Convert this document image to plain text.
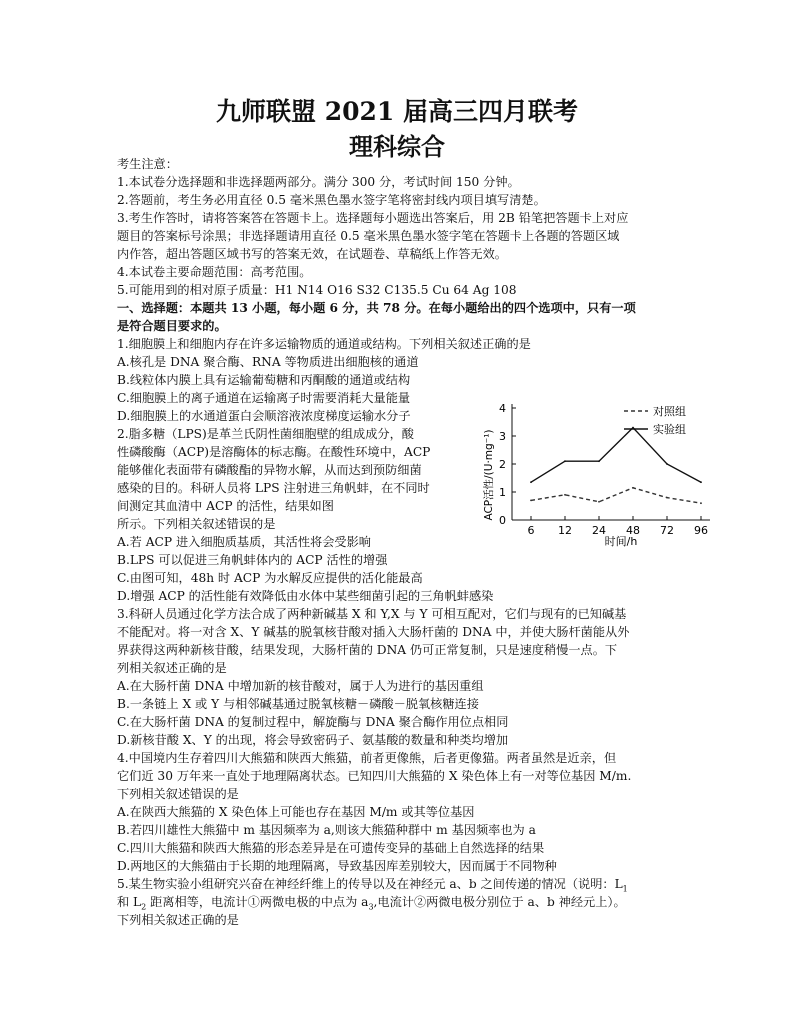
九师联盟 2021 届高三四月联考
理科综合
考生注意：
1.本试卷分选择题和非选择题两部分。满分 300 分，考试时间 150 分钟。
2.答题前，考生务必用直径 0.5 毫米黑色墨水签字笔将密封线内项目填写清楚。
3.考生作答时，请将答案答在答题卡上。选择题每小题选出答案后，用 2B 铅笔把答题卡上对应
题目的答案标号涂黑；非选择题请用直径 0.5 毫米黑色墨水签字笔在答题卡上各题的答题区域
内作答，超出答题区域书写的答案无效，在试题卷、草稿纸上作答无效。
4.本试卷主要命题范围：高考范围。
5.可能用到的相对原子质量：H1 N14 O16 S32 C135.5 Cu 64 Ag 108
一、选择题：本题共 13 小题，每小题 6 分，共 78 分。在每小题给出的四个选项中，只有一项
是符合题目要求的。
1.细胞膜上和细胞内存在许多运输物质的通道或结构。下列相关叙述正确的是
A.核孔是 DNA 聚合酶、RNA 等物质进出细胞核的通道
B.线粒体内膜上具有运输葡萄糖和丙酮酸的通道或结构
C.细胞膜上的离子通道在运输离子时需要消耗大量能量
D.细胞膜上的水通道蛋白会顺溶液浓度梯度运输水分子
2.脂多糖（LPS)是革兰氏阴性菌细胞壁的组成成分，酸
性磷酸酶（ACP)是溶酶体的标志酶。在酸性环境中，ACP
能够催化表面带有磷酸酯的异物水解，从而达到预防细菌
感染的目的。科研人员将 LPS 注射进三角帆蚌，在不同时
间测定其血清中 ACP 的活性，结果如图
所示。下列相关叙述错误的是
A.若 ACP 进入细胞质基质，其活性将会受影响
B.LPS 可以促进三角帆蚌体内的 ACP 活性的增强
C.由图可知，48h 时 ACP 为水解反应提供的活化能最高
D.增强 ACP 的活性能有效降低由水体中某些细菌引起的三角帆蚌感染
3.科研人员通过化学方法合成了两种新碱基 X 和 Y,X 与 Y 可相互配对，它们与现有的已知碱基
不能配对。将一对含 X、Y 碱基的脱氧核苷酸对插入大肠杆菌的 DNA 中，并使大肠杆菌能从外
界获得这两种新核苷酸，结果发现，大肠杆菌的 DNA 仍可正常复制，只是速度稍慢一点。下
列相关叙述正确的是
A.在大肠杆菌 DNA 中增加新的核苷酸对，属于人为进行的基因重组
B.一条链上 X 或 Y 与相邻碱基通过脱氧核糖－磷酸－脱氧核糖连接
C.在大肠杆菌 DNA 的复制过程中，解旋酶与 DNA 聚合酶作用位点相同
D.新核苷酸 X、Y 的出现，将会导致密码子、氨基酸的数量和种类均增加
4.中国境内生存着四川大熊猫和陕西大熊猫，前者更像熊，后者更像猫。两者虽然是近亲，但
它们近 30 万年来一直处于地理隔离状态。已知四川大熊猫的 X 染色体上有一对等位基因 M/m.
下列相关叙述错误的是
A.在陕西大熊猫的 X 染色体上可能也存在基因 M/m 或其等位基因
B.若四川雄性大熊猫中 m 基因频率为 a,则该大熊猫种群中 m 基因频率也为 a
C.四川大熊猫和陕西大熊猫的形态差异是在可遗传变异的基础上自然选择的结果
D.两地区的大熊猫由于长期的地理隔离，导致基因库差别较大，因而属于不同物种
5.某生物实验小组研究兴奋在神经纤维上的传导以及在神经元 a、b 之间传递的情况（说明：$L_1$
和 $L_2$ 距离相等，电流计①两微电极的中点为 $a_3$,电流计②两微电极分别位于 a、b 神经元上）。
下列相关叙述正确的是
0
1
2
3
4
6 12 24 48 72 96
对照组
实验组
ACP活性/(U·mg⁻¹)
时间/h
